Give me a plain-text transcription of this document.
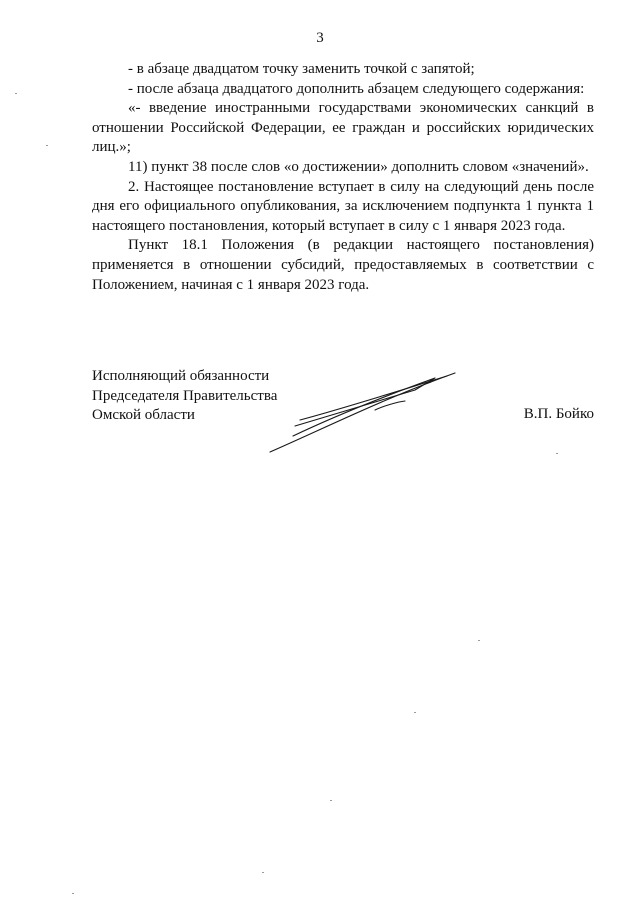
3

- в абзаце двадцатом точку заменить точкой с запятой;

- после абзаца двадцатого дополнить абзацем следующего содержания:

«- введение иностранными государствами экономических санкций в отношении Российской Федерации, ее граждан и российских юридических лиц.»;

11) пункт 38 после слов «о достижении» дополнить словом «значений».

2. Настоящее постановление вступает в силу на следующий день после дня его официального опубликования, за исключением подпункта 1 пункта 1 настоящего постановления, который вступает в силу с 1 января 2023 года.

Пункт 18.1 Положения (в редакции настоящего постановления) применяется в отношении субсидий, предоставляемых в соответствии с Положением, начиная с 1 января 2023 года.

Исполняющий обязанности
Председателя Правительства
Омской области	В.П. Бойко
